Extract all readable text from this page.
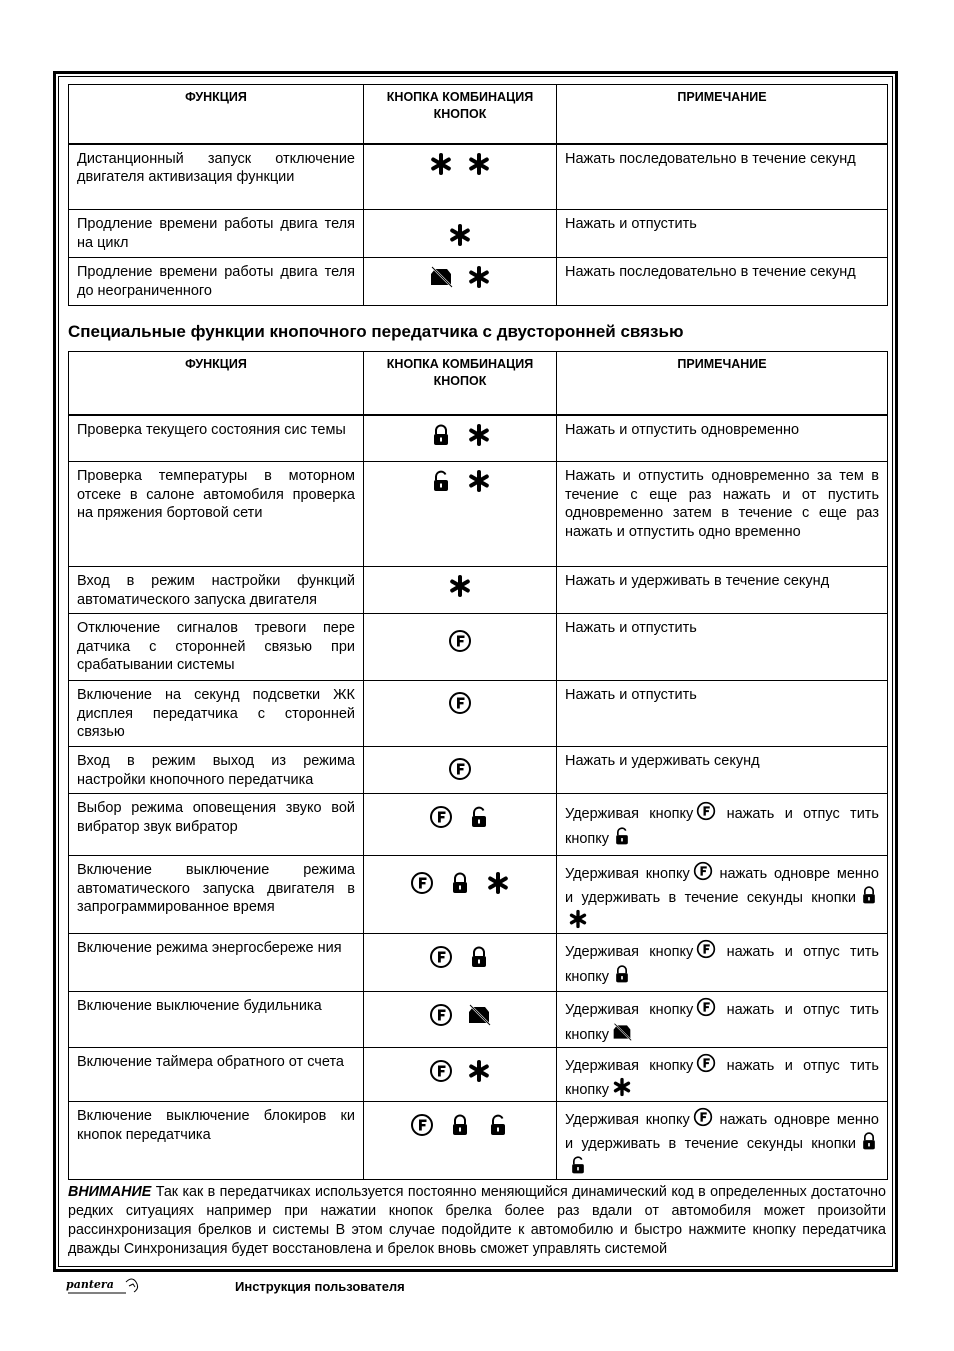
ФУНКЦИЯ	КНОПКА КОМБИНАЦИЯ КНОПОК	ПРИМЕЧАНИЕ
Дистанционный запуск отключение двигателя активизация функции		Нажать последовательно в течение секунд
Продление времени работы двига теля на цикл		Нажать и отпустить
Продление времени работы двига теля до неограниченного		Нажать последовательно в течение секунд
Специальные функции кнопочного передатчика с двусторонней связью
ФУНКЦИЯ	КНОПКА КОМБИНАЦИЯ КНОПОК	ПРИМЕЧАНИЕ
Проверка текущего состояния сис темы		Нажать и отпустить одновременно
Проверка температуры в моторном отсеке в салоне автомобиля проверка на пряжения бортовой сети		Нажать и отпустить одновременно за тем в течение с еще раз нажать и от пустить одновременно затем в течение с еще раз нажать и отпустить одно временно
Вход в режим настройки функций автоматического запуска двигателя		Нажать и удерживать в течение секунд
Отключение сигналов тревоги пере датчика с сторонней связью при срабатывании системы		Нажать и отпустить
Включение на секунд подсветки ЖК дисплея передатчика с сторонней связью		Нажать и отпустить
Вход в режим выход из режима настройки кнопочного передатчика		Нажать и удерживать секунд
Выбор режима оповещения звуко вой вибратор звук вибратор		Удерживая кнопку нажать и отпус тить кнопку
Включение выключение режима автоматического запуска двигателя в запрограммированное время		Удерживая кнопку нажать одновре менно и удерживать в течение секунды кнопки
Включение режима энергосбереже ния		Удерживая кнопку нажать и отпус тить кнопку
Включение выключение будильника		Удерживая кнопку нажать и отпус тить кнопку
Включение таймера обратного от счета		Удерживая кнопку нажать и отпус тить кнопку
Включение выключение блокиров ки кнопок передатчика		Удерживая кнопку нажать одновре менно и удерживать в течение секунды кнопки
ВНИМАНИЕ Так как в передатчиках используется постоянно меняющийся динамический код в определенных достаточно редких ситуациях например при нажатии кнопок брелка более раз вдали от автомобиля может произойти рассинхронизация брелков и системы В этом случае подойдите к автомобилю и быстро нажмите кнопку передатчика дважды Синхронизация будет восстановлена и брелок вновь сможет управлять системой
pantera	Инструкция пользователя
